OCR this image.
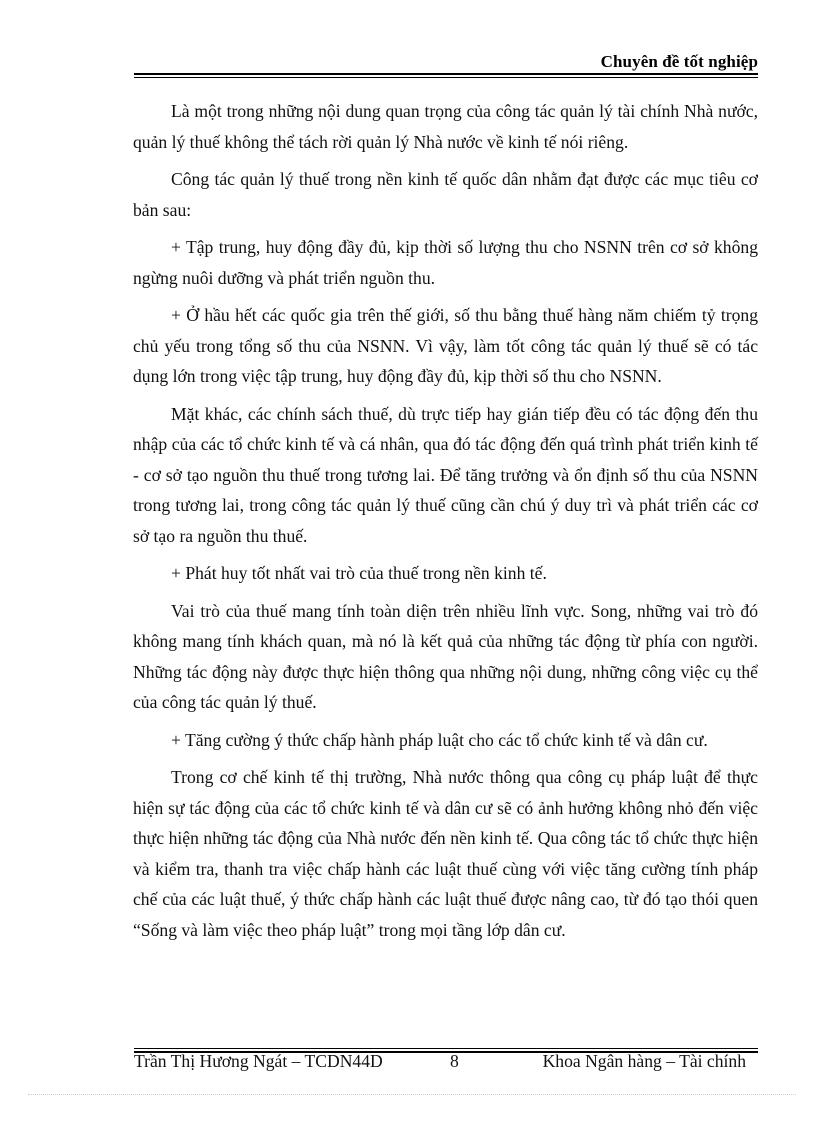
Chuyên đề tốt nghiệp

Là một trong những nội dung quan trọng của công tác quản lý tài chính Nhà nước, quản lý thuế không thể tách rời quản lý Nhà nước về kinh tế nói riêng.

Công tác quản lý thuế trong nền kinh tế quốc dân nhằm đạt được các mục tiêu cơ bản sau:

+ Tập trung, huy động đầy đủ, kịp thời số lượng thu cho NSNN trên cơ sở không ngừng nuôi dưỡng và phát triển nguồn thu.

+ Ở hầu hết các quốc gia trên thế giới, số thu bằng thuế hàng năm chiếm tỷ trọng chủ yếu trong tổng số thu của NSNN. Vì vậy, làm tốt công tác quản lý thuế sẽ có tác dụng lớn trong việc tập trung, huy động đầy đủ, kịp thời số thu cho NSNN.

Mặt khác, các chính sách thuế, dù trực tiếp hay gián tiếp đều có tác động đến thu nhập của các tổ chức kinh tế và cá nhân, qua đó tác động đến quá trình phát triển kinh tế - cơ sở tạo nguồn thu thuế trong tương lai. Để tăng trưởng và ổn định số thu của NSNN trong tương lai, trong công tác quản lý thuế cũng cần chú ý duy trì và phát triển các cơ sở tạo ra nguồn thu thuế.

+ Phát huy tốt nhất vai trò của thuế trong nền kinh tế.

Vai trò của thuế mang tính toàn diện trên nhiều lĩnh vực. Song, những vai trò đó không mang tính khách quan, mà nó là kết quả của những tác động từ phía con người. Những tác động này được thực hiện thông qua những nội dung, những công việc cụ thể của công tác quản lý thuế.

+ Tăng cường ý thức chấp hành pháp luật cho các tổ chức kinh tế và dân cư.

Trong cơ chế kinh tế thị trường, Nhà nước thông qua công cụ pháp luật để thực hiện sự tác động của các tổ chức kinh tế và dân cư sẽ có ảnh hưởng không nhỏ đến việc thực hiện những tác động của Nhà nước đến nền kinh tế. Qua công tác tổ chức thực hiện và kiểm tra, thanh tra việc chấp hành các luật thuế cùng với việc tăng cường tính pháp chế của các luật thuế, ý thức chấp hành các luật thuế được nâng cao, từ đó tạo thói quen “Sống và làm việc theo pháp luật” trong mọi tầng lớp dân cư.

Trần Thị Hương Ngát – TCDN44D	8	Khoa Ngân hàng – Tài chính
